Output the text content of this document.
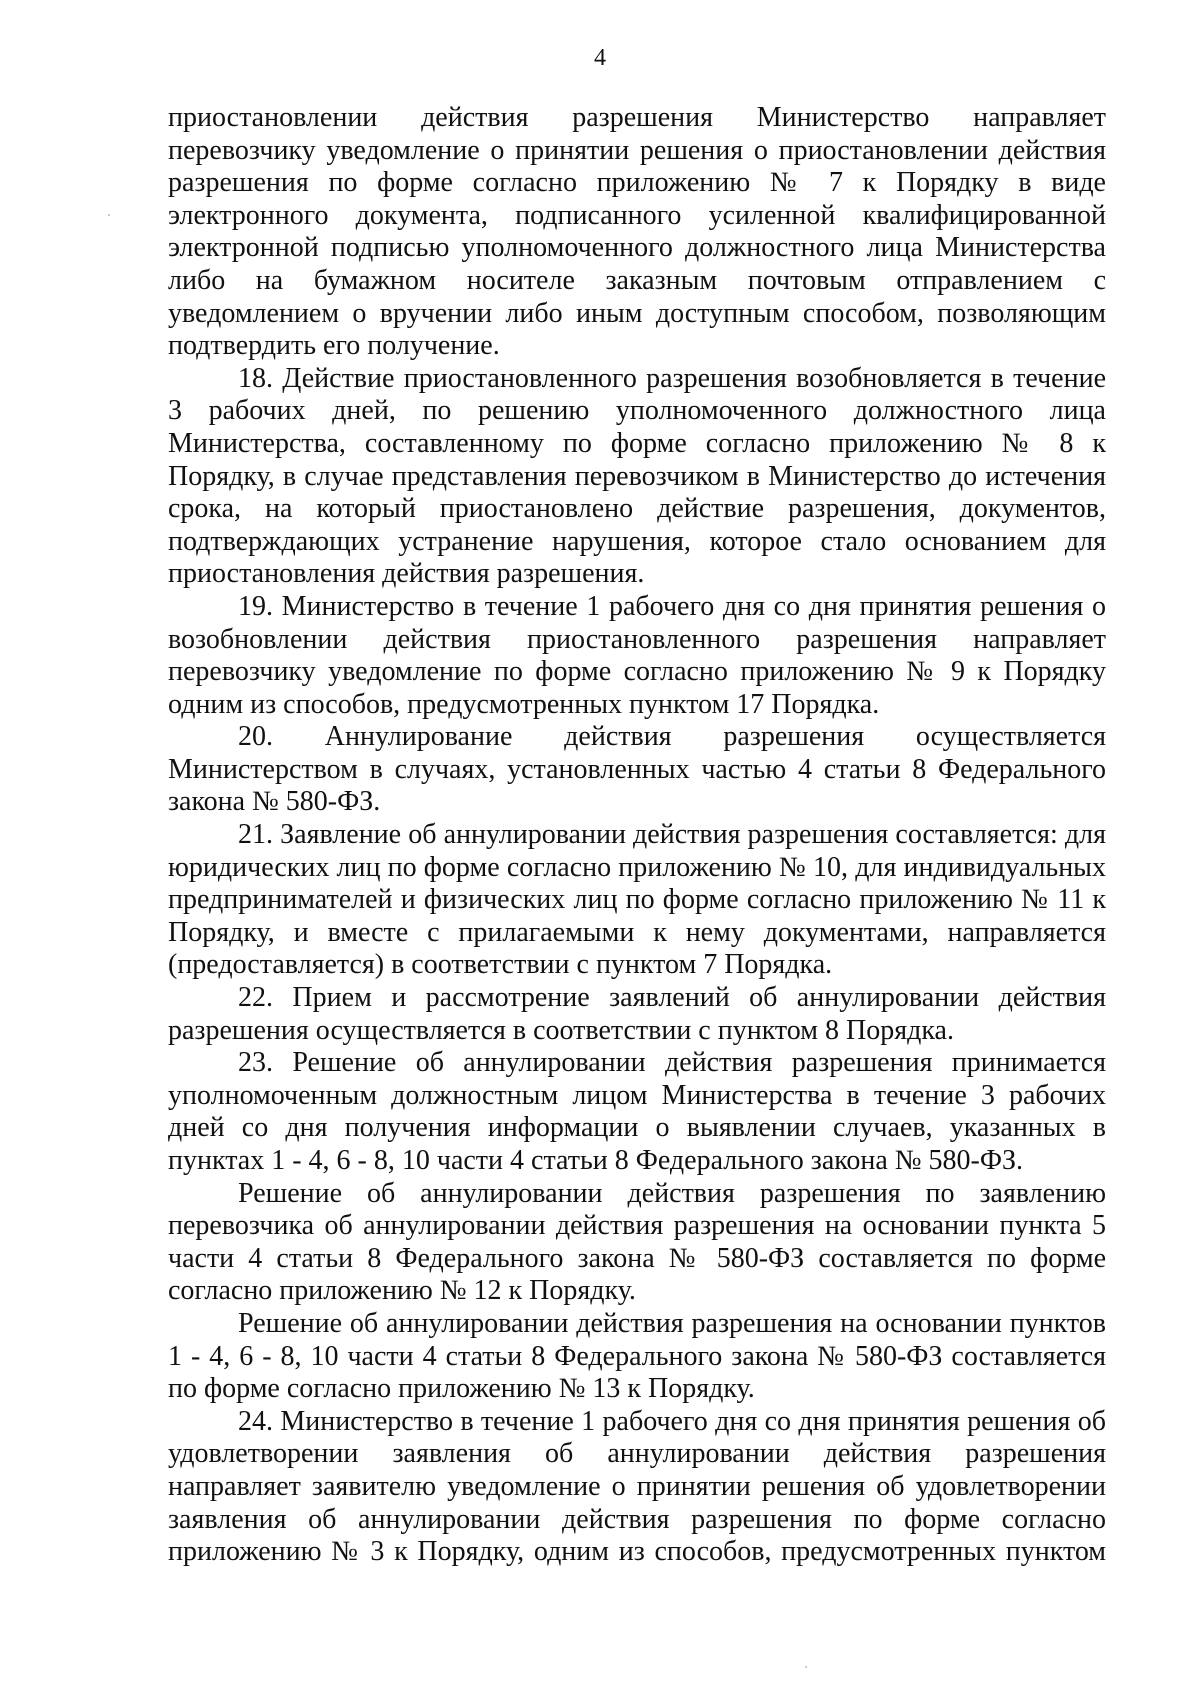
4

приостановлении действия разрешения Министерство направляет перевозчику уведомление о принятии решения о приостановлении действия разрешения по форме согласно приложению № 7 к Порядку в виде электронного документа, подписанного усиленной квалифицированной электронной подписью уполномоченного должностного лица Министерства либо на бумажном носителе заказным почтовым отправлением с уведомлением о вручении либо иным доступным способом, позволяющим подтвердить его получение.

18. Действие приостановленного разрешения возобновляется в течение 3 рабочих дней, по решению уполномоченного должностного лица Министерства, составленному по форме согласно приложению № 8 к Порядку, в случае представления перевозчиком в Министерство до истечения срока, на который приостановлено действие разрешения, документов, подтверждающих устранение нарушения, которое стало основанием для приостановления действия разрешения.

19. Министерство в течение 1 рабочего дня со дня принятия решения о возобновлении действия приостановленного разрешения направляет перевозчику уведомление по форме согласно приложению № 9 к Порядку одним из способов, предусмотренных пунктом 17 Порядка.

20. Аннулирование действия разрешения осуществляется Министерством в случаях, установленных частью 4 статьи 8 Федерального закона № 580-ФЗ.

21. Заявление об аннулировании действия разрешения составляется: для юридических лиц по форме согласно приложению № 10, для индивидуальных предпринимателей и физических лиц по форме согласно приложению № 11 к Порядку, и вместе с прилагаемыми к нему документами, направляется (предоставляется) в соответствии с пунктом 7 Порядка.

22. Прием и рассмотрение заявлений об аннулировании действия разрешения осуществляется в соответствии с пунктом 8 Порядка.

23. Решение об аннулировании действия разрешения принимается уполномоченным должностным лицом Министерства в течение 3 рабочих дней со дня получения информации о выявлении случаев, указанных в пунктах 1 - 4, 6 - 8, 10 части 4 статьи 8 Федерального закона № 580-ФЗ.

Решение об аннулировании действия разрешения по заявлению перевозчика об аннулировании действия разрешения на основании пункта 5 части 4 статьи 8 Федерального закона № 580-ФЗ составляется по форме согласно приложению № 12 к Порядку.

Решение об аннулировании действия разрешения на основании пунктов 1 - 4, 6 - 8, 10 части 4 статьи 8 Федерального закона № 580-ФЗ составляется по форме согласно приложению № 13 к Порядку.

24. Министерство в течение 1 рабочего дня со дня принятия решения об удовлетворении заявления об аннулировании действия разрешения направляет заявителю уведомление о принятии решения об удовлетворении заявления об аннулировании действия разрешения по форме согласно приложению № 3 к Порядку, одним из способов, предусмотренных пунктом
